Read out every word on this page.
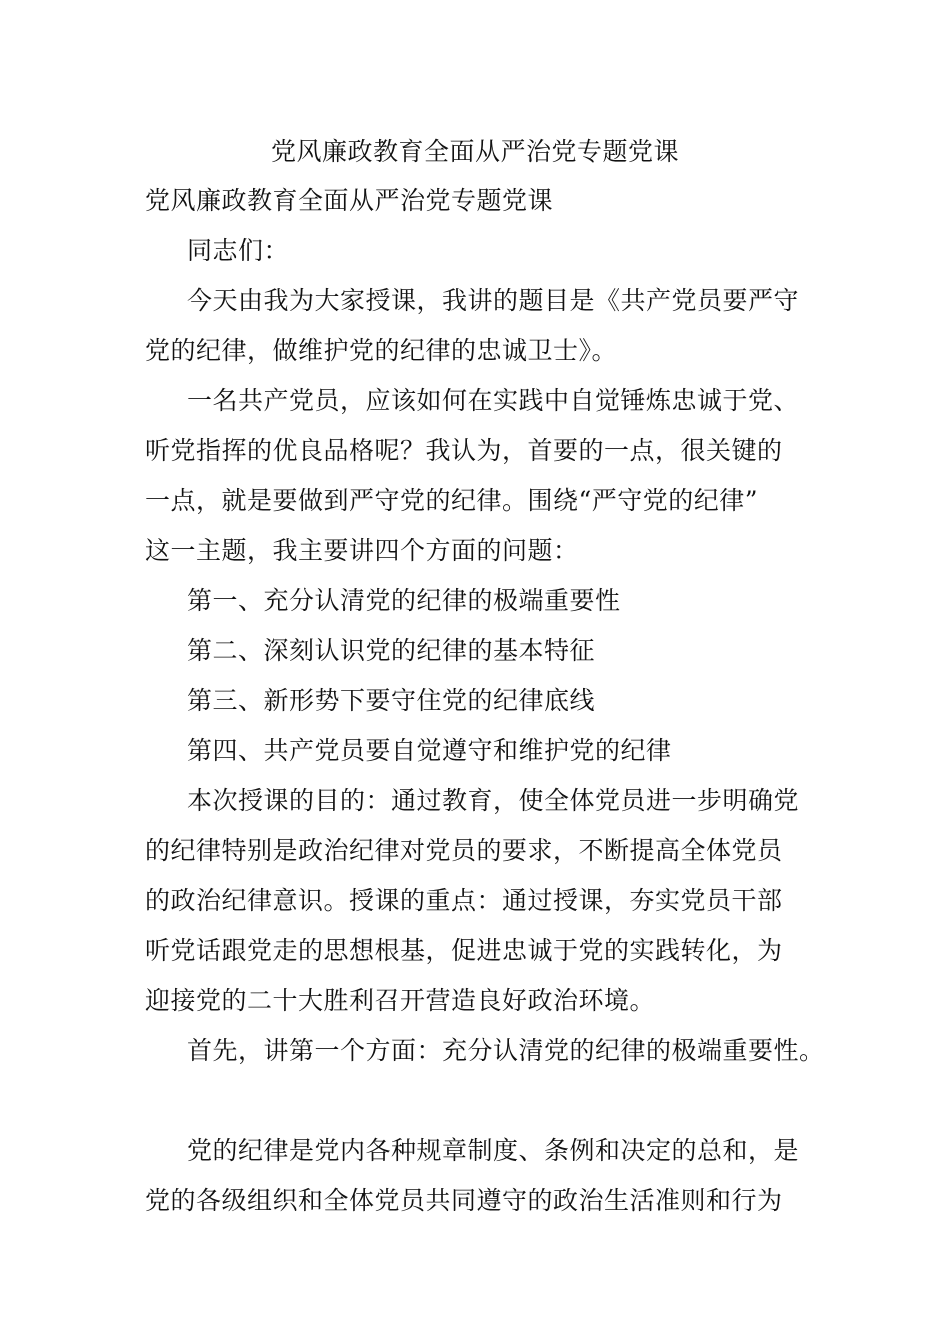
党风廉政教育全面从严治党专题党课
党风廉政教育全面从严治党专题党课
同志们：
今天由我为大家授课，我讲的题目是《共产党员要严守
党的纪律，做维护党的纪律的忠诚卫士》。
一名共产党员，应该如何在实践中自觉锤炼忠诚于党、
听党指挥的优良品格呢？我认为，首要的一点，很关键的
一点，就是要做到严守党的纪律。围绕“严守党的纪律”
这一主题，我主要讲四个方面的问题：
第一、充分认清党的纪律的极端重要性
第二、深刻认识党的纪律的基本特征
第三、新形势下要守住党的纪律底线
第四、共产党员要自觉遵守和维护党的纪律
本次授课的目的：通过教育，使全体党员进一步明确党
的纪律特别是政治纪律对党员的要求，不断提高全体党员
的政治纪律意识。授课的重点：通过授课，夯实党员干部
听党话跟党走的思想根基，促进忠诚于党的实践转化，为
迎接党的二十大胜利召开营造良好政治环境。
首先，讲第一个方面：充分认清党的纪律的极端重要性。
党的纪律是党内各种规章制度、条例和决定的总和，是
党的各级组织和全体党员共同遵守的政治生活准则和行为
